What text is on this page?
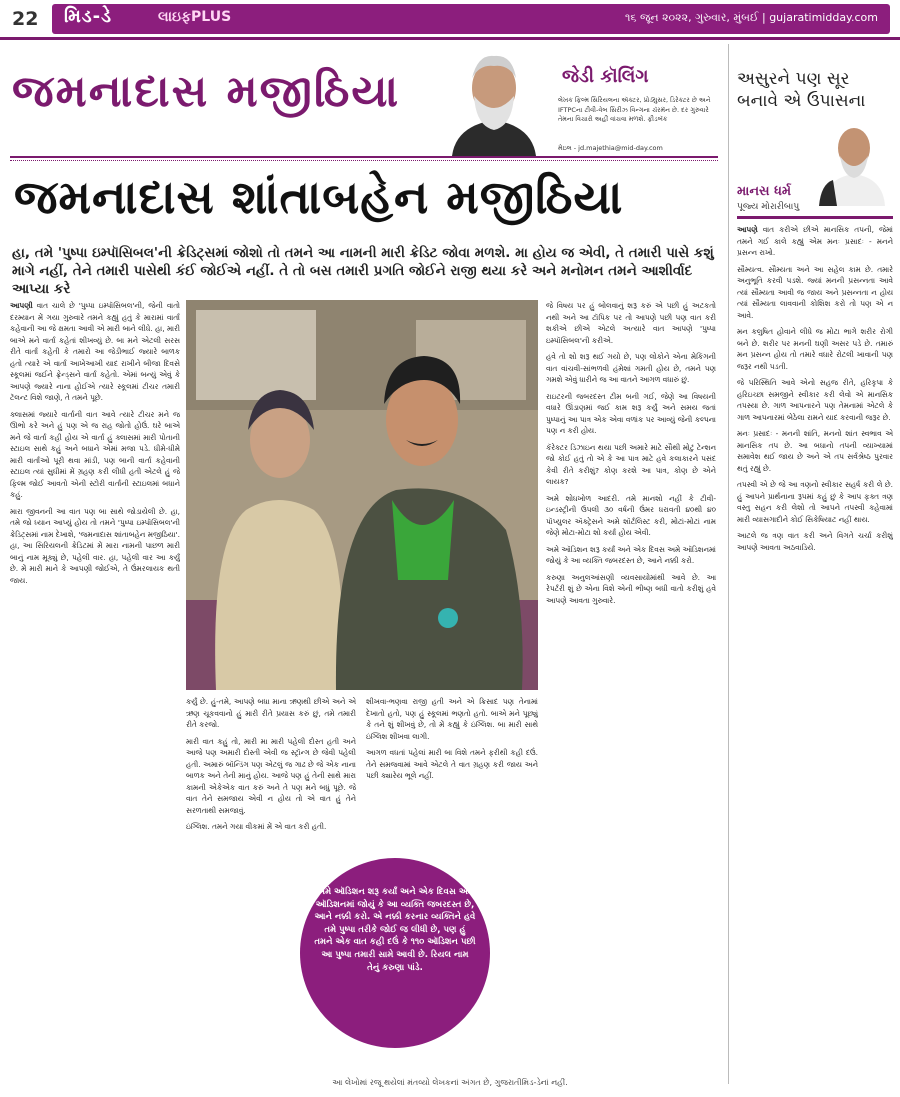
22 મિડ-ડે	લાઇફPLUS	૧૬ જૂન ૨૦૨૨, ગુરુવાર, મુંબઈ | gujaratimidday.com
જમનાદાસ મજીઠિયા	જેડી કૉલિંગ
લેખક ફિલ્મ સિરિયલના ઍક્ટર, પ્રોડ્યુસર, ડિરેક્ટર છે અને IFTPCના ટીવી-વેબ સિરીઝ વિન્ગના ચૅરમૅન છે. દર ગુરુવારે તેમના વિચારો અહીં વાંચવા મળશે. ફીડબૅક
મેઇલ - jd.majethia@mid-day.com
જમનાદાસ શાંતાબહેન મજીઠિયા
હા, તમે 'પુષ્પા ઇમ્પૉસિબલ'ની ક્રેડિટ્સમાં જોશો તો તમને આ નામની મારી ક્રેડિટ જોવા મળશે. મા હોય જ એવી, તે તમારી પાસે કશું માગે નહીં, તેને તમારી પાસેથી કંઈ જોઈએ નહીં. તે તો બસ તમારી પ્રગતિ જોઈને રાજી થયા કરે અને મનોમન તમને આશીર્વાદ આપ્યા કરે

આપણી વાત ચાલે છે 'પુષ્પા ઇમ્પૉસિબલ'ની, જેની વાતો દરમ્યાન મેં ગયા ગુરુવારે તમને કહ્યું હતું કે મારામાં વાર્તા કહેવાની આ જે ક્ષમતા આવી એ મારી બાને લીધે. હા, મારી બાએ મને વાર્તા કહેતાં શીખવ્યું છે. બા મને એટલી સરસ રીતે વાર્તા કહેતી કે તમારો આ જેડીભાઈ જ્યારે બાળક હતો ત્યારે એ વાર્તા આખેઆખી યાદ રાખીને બીજા દિવસે સ્કૂલમાં જઈને ફ્રેન્ડ્સને વાર્તા કહેતો. એમાં બન્યું એવું કે આપણે જ્યારે નાના હોઈએ ત્યારે સ્કૂલમાં ટીચર તમારી ટૅલન્ટ વિશે જાણે, તે તમને પૂછે.

ક્લાસમાં જ્યારે વાર્તાની વાત આવે ત્યારે ટીચર મને જ ઊભો કરે અને હું પણ એ જ રાહ જોતો હોઉં. ઘરે બાએ મને જે વાર્તા કહી હોય એ વાર્તા હું ક્લાસમાં મારી પોતાની સ્ટાઇલ સાથે કહું અને બધાને એમાં મજા પડે. ધીમે-ધીમે મારી વાર્તાઓ પૂરી થવા માંડી, પણ બાની વાર્તા કહેવાની સ્ટાઇલ ત્યાં સુધીમાં મેં ગ્રહણ કરી લીધી હતી એટલે હું જે ફિલ્મ જોઈ આવતો એની સ્ટોરી વાર્તાની સ્ટાઇલમાં બધાને કહું.

મારા જીવનની આ વાત પણ બા સાથે જોડાયેલી છે. હા, તમે જો ધ્યાન આપ્યું હોય તો તમને 'પુષ્પા ઇમ્પૉસિબલ'ની ક્રેડિટ્સમાં નામ દેખાશે, 'જમનાદાસ શાંતાબહેન મજીઠિયા'. હા, આ સિરિયલની ક્રેડિટમાં મેં મારા નામની પાછળ મારી બાનું નામ મૂક્યું છે, પહેલી વાર. હા, પહેલી વાર આ કર્યું છે. મેં મારી માને કે આપણી જોઈએ, તે ઉંમરલાયક થતી જાય.

કર્યું છે. હું-તમે, આપણે બધા માના ઋણથી છીએ અને એ ઋણ ચૂકવવાનો હું મારી રીતે પ્રયાસ કરું છું, તમે તમારી રીતે કરજો.

મારી વાત કહું તો, મારી મા મારી પહેલી દોસ્ત હતી અને આજે પણ અમારી દોસ્તી એવી જ સ્ટ્રૉન્ગ છે જેવી પહેલી હતી. અમારું બૉન્ડિંગ પણ એટલું જ ગાઢ છે જે એક નાના બાળક અને તેની માનું હોય. આજે પણ હું તેની સાથે મારા કામની એકેએક વાત કરું અને તે પણ મને બધું પૂછે. જે વાત તેને સમજાય એવી ન હોય તો એ વાત હું તેને સરળતાથી સમજાવું.

ઇંગ્લિશ. તમને ગયા વીકમાં મેં એ વાત કરી હતી.

શીખવા-ભણવા રાજી હતી અને એ ક્રિસાદ પણ તેનામાં દેખાતો હતો, પણ હું સ્કૂલમાં ભણતો હતો. બાએ મને પૂછ્યું કે તને શું શીખવું છે, તો મેં કહ્યું કે ઇંગ્લિશ. બા મારી સાથે ઇંગ્લિશ શીખવા લાગી.

આગળ વધતાં પહેલાં મારી બા વિશે તમને ફરીથી કહી દઉં. તેને સમજવામાં આવે એટલે તે વાત ગ્રહણ કરી જાય અને પછી ક્યારેય ભૂલે નહીં.

જે વિષય પર હું બોલવાનું શરૂ કરું એ પછી હું અટકતો નથી અને આ ટૉપિક પર તો આપણે પછી પણ વાત કરી શકીએ છીએ એટલે અત્યારે વાત આપણે 'પુષ્પા ઇમ્પૉસિબલ'ની કરીએ.

હવે તો શો શરૂ થઈ ગયો છે, પણ લોકોને એના મેકિંગની વાત વાંચવી-સાંભળવી હંમેશાં ગમતી હોય છે, તમને પણ ગમશે એવું ધારીને જ આ વાતને આગળ વધારું છું.

રાઇટરની જબરદસ્ત ટીમ બની ગઈ, જેણે આ વિષયની વધારે ઊંડાણમાં જઈ કામ શરૂ કર્યું અને સમય જતાં પુષ્પાનું આ પાત્ર એક એવા વળાંક પર આવ્યું જેની કલ્પના પણ ન કરી હોય.

કૅરેક્ટર ડિઝાઇન થયા પછી અમારે માટે સૌથી મોટું ટેન્શન જો કોઈ હતું તો એ કે આ પાત્ર માટે હવે કલાકારને પસંદ કેવી રીતે કરીશું? કોણ કરશે આ પાત્ર, કોણ છે એને લાયક?

અમે શોધખોળ આદરી. તમે માનશો નહીં કે ટીવી-ઇન્ડસ્ટ્રીની ઉપલી ૩૦ વર્ષની ઉંમર ધરાવતી ૪૦થી ૪૦ પૉપ્યુલર ઍક્ટ્રેસને અમે શૉર્ટલિસ્ટ કરી, મોટાં-મોટાં નામ જેણે મોટા-મોટા શો કર્યા હોય એવી.

અમે ઑડિશન શરૂ કર્યાં અને એક દિવસ અમે ઑડિશનમાં જોયું કે આ વ્યક્તિ જબરદસ્ત છે, આને નક્કી કરો.

કરુણા અનુલઆંસણી વ્યવસાયોમાંથી આવે છે. આ રેપર્ટરી શું છે એના વિશે એની ભીષ્ણ બધી વાતો કરીશું હવે આપણે આવતા ગુરુવારે.

અમે ઑડિશન શરૂ કર્યાં અને એક દિવસ અમે ઑડિશનમાં જોયું કે આ વ્યક્તિ જબરદસ્ત છે, આને નક્કી કરો. એ નક્કી કરનાર વ્યક્તિને હવે તમે પુષ્પા તરીકે જોઈ જ લીધી છે, પણ હું તમને એક વાત કહી દઉં કે ૧૧૦ ઑડિશન પછી આ પુષ્પા તમારી સામે આવી છે. રિયલ નામ તેનું કરુણા પાંડે.
અસુરને પણ સૂર બનાવે એ ઉપાસના
માનસ ધર્મ
પૂજ્ય મોરારીબાપુ

આપણે વાત કરીએ છીએ માનસિક તપની, જેમાં તમને ગઈ કાલે કહ્યું એમ મનઃ પ્રસાદઃ - મનને પ્રસન્ન રાખો.

સૌમ્યત્વ. સૌમ્યતા અને આ સહેલ કામ છે. તમારે અનુભૂતિ કરવી પડશે. જ્યાં મનની પ્રસન્નતા આવે ત્યાં સૌમ્યતા આવી જ જાય અને પ્રસન્નતા ન હોય ત્યાં સૌમ્યતા લાવવાની કોશિશ કરો તો પણ એ ન આવે.

મન કલુષિત હોવાને લીધે જ મોટા ભાગે શરીર રોગી બને છે. શરીર પર મનની ઘણી અસર પડે છે. તમારું મન પ્રસન્ન હોય તો તમારે વધારે રોટલી ખાવાની પણ જરૂર નથી પડતી.

જે પરિસ્થિતિ આવે એનો સહજ રીતે, હરિકૃપા કે હરિઇચ્છા સમજીને સ્વીકાર કરી લેવો એ માનસિક તપસ્યા છે. ગાળ આપનારને પણ તેમનામાં એટલે કે ગાળ આપનારમાં બેઠેલા રામને યાદ કરવાની જરૂર છે.

મનઃ પ્રસાદઃ - મનની શાંતિ, મનનો શાંત સ્વભાવ એ માનસિક તપ છે. આ બધાનો તપની વ્યાખ્યામાં સમાવેશ થઈ જાય છે અને એ તપ સર્વશ્રેષ્ઠ પુરવાર થતું રહ્યું છે.

તપસ્વી એ છે જે આ ત્રણનો સ્વીકાર સહર્ષ કરી લે છે. હું આપને પ્રાર્થનાના રૂપમાં કહું છું કે આપ ફક્ત ત્રણ વસ્તુ સહન કરી લેશો તો આપને તપસ્વી કહેવામાં મારી વ્યાસગાદીને કોઈ સિકેષિયાટ નહીં થાય.

આટલે જ ત્રણ વાત કરી અને વિગતે ચર્ચા કરીશું આપણે આવતા અઠવાડિયે.

આ લેખોમાં રજૂ થયેલાં મંતવ્યો લેખકનાં અંગત છે, ગુજરાતીમિડ-ડેનાં નહીં.
